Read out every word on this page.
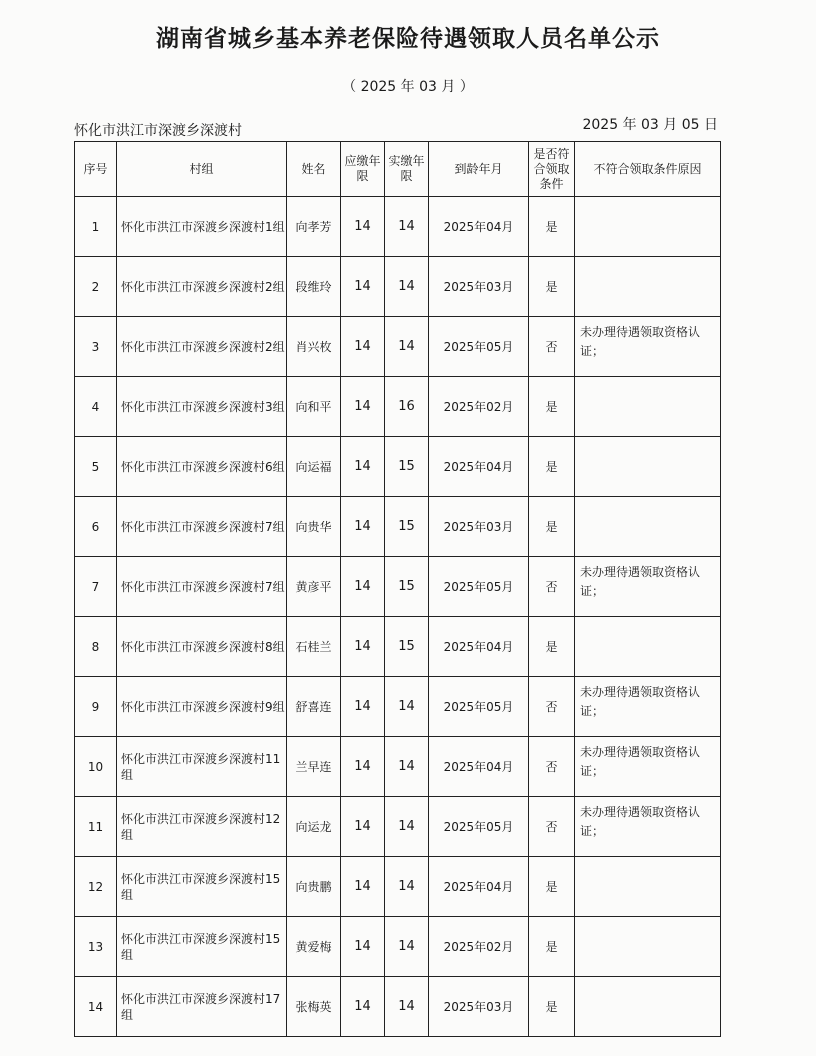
湖南省城乡基本养老保险待遇领取人员名单公示
（ 2025 年 03 月 ）
怀化市洪江市深渡乡深渡村	2025 年 03 月 05 日
序号	村组	姓名	应缴年限	实缴年限	到龄年月	是否符合领取条件	不符合领取条件原因
1	怀化市洪江市深渡乡深渡村1组	向孝芳	14	14	2025年04月	是	
2	怀化市洪江市深渡乡深渡村2组	段维玲	14	14	2025年03月	是	
3	怀化市洪江市深渡乡深渡村2组	肖兴枚	14	14	2025年05月	否	未办理待遇领取资格认证；
4	怀化市洪江市深渡乡深渡村3组	向和平	14	16	2025年02月	是	
5	怀化市洪江市深渡乡深渡村6组	向运福	14	15	2025年04月	是	
6	怀化市洪江市深渡乡深渡村7组	向贵华	14	15	2025年03月	是	
7	怀化市洪江市深渡乡深渡村7组	黄彦平	14	15	2025年05月	否	未办理待遇领取资格认证；
8	怀化市洪江市深渡乡深渡村8组	石桂兰	14	15	2025年04月	是	
9	怀化市洪江市深渡乡深渡村9组	舒喜连	14	14	2025年05月	否	未办理待遇领取资格认证；
10	怀化市洪江市深渡乡深渡村11组	兰早连	14	14	2025年04月	否	未办理待遇领取资格认证；
11	怀化市洪江市深渡乡深渡村12组	向运龙	14	14	2025年05月	否	未办理待遇领取资格认证；
12	怀化市洪江市深渡乡深渡村15组	向贵鹏	14	14	2025年04月	是	
13	怀化市洪江市深渡乡深渡村15组	黄爱梅	14	14	2025年02月	是	
14	怀化市洪江市深渡乡深渡村17组	张梅英	14	14	2025年03月	是	
